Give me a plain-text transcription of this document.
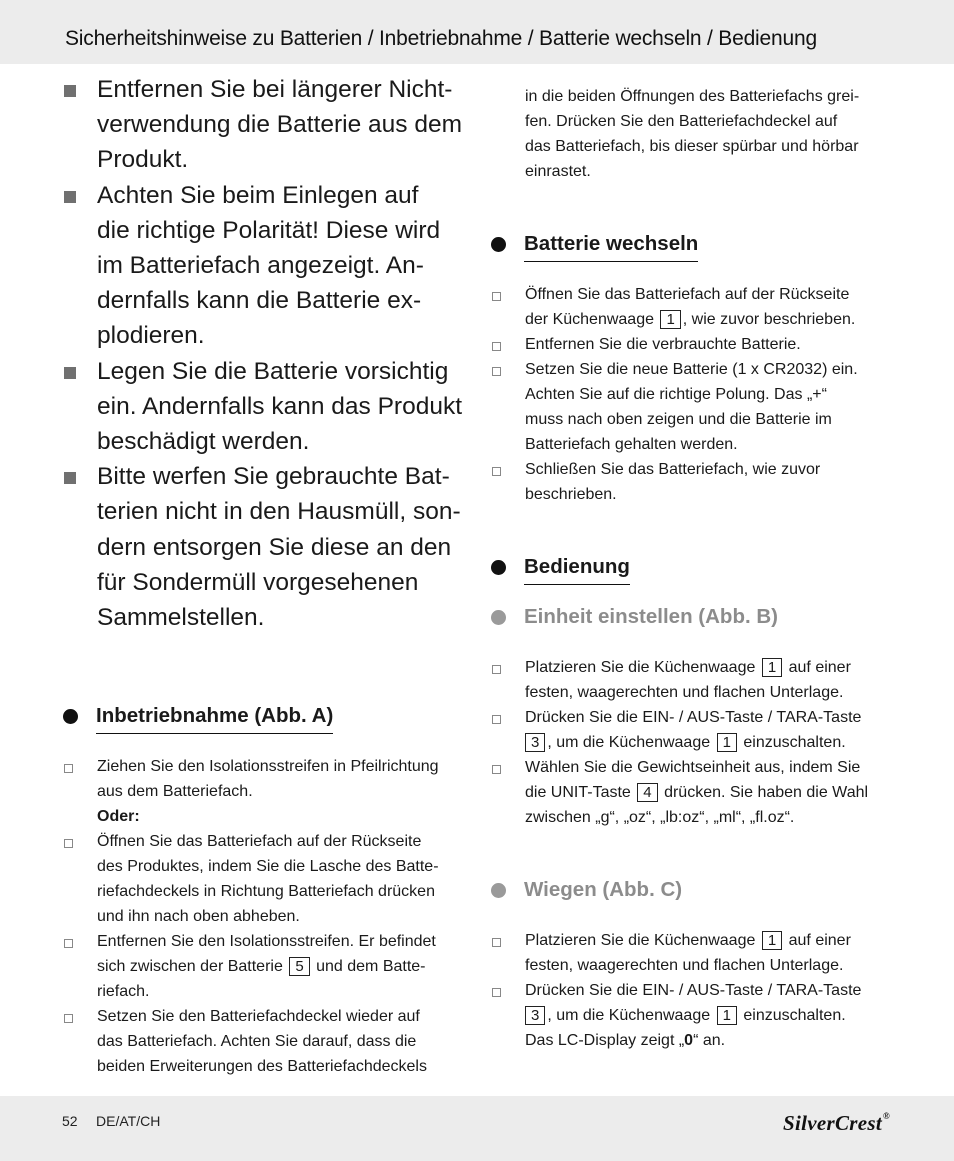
Sicherheitshinweise zu Batterien / Inbetriebnahme / Batterie wechseln / Bedienung
Entfernen Sie bei längerer Nicht-
verwendung die Batterie aus dem
Produkt.
Achten Sie beim Einlegen auf
die richtige Polarität! Diese wird
im Batteriefach angezeigt. An-
dernfalls kann die Batterie ex-
plodieren.
Legen Sie die Batterie vorsichtig
ein. Andernfalls kann das Produkt
beschädigt werden.
Bitte werfen Sie gebrauchte Bat-
terien nicht in den Hausmüll, son-
dern entsorgen Sie diese an den
für Sondermüll vorgesehenen
Sammelstellen.
Inbetriebnahme (Abb. A)
Ziehen Sie den Isolationsstreifen in Pfeilrichtung
aus dem Batteriefach.
Oder:
Öffnen Sie das Batteriefach auf der Rückseite
des Produktes, indem Sie die Lasche des Batte-
riefachdeckels in Richtung Batteriefach drücken
und ihn nach oben abheben.
Entfernen Sie den Isolationsstreifen. Er befindet
sich zwischen der Batterie 5 und dem Batte-
riefach.
Setzen Sie den Batteriefachdeckel wieder auf
das Batteriefach. Achten Sie darauf, dass die
beiden Erweiterungen des Batteriefachdeckels
in die beiden Öffnungen des Batteriefachs grei-
fen. Drücken Sie den Batteriefachdeckel auf
das Batteriefach, bis dieser spürbar und hörbar
einrastet.
Batterie wechseln
Öffnen Sie das Batteriefach auf der Rückseite
der Küchenwaage 1 , wie zuvor beschrieben.
Entfernen Sie die verbrauchte Batterie.
Setzen Sie die neue Batterie (1 x CR2032) ein.
Achten Sie auf die richtige Polung. Das „+“
muss nach oben zeigen und die Batterie im
Batteriefach gehalten werden.
Schließen Sie das Batteriefach, wie zuvor
beschrieben.
Bedienung
Einheit einstellen (Abb. B)
Platzieren Sie die Küchenwaage 1 auf einer
festen, waagerechten und flachen Unterlage.
Drücken Sie die EIN- / AUS-Taste / TARA-Taste
3 , um die Küchenwaage 1 einzuschalten.
Wählen Sie die Gewichtseinheit aus, indem Sie
die UNIT-Taste 4 drücken. Sie haben die Wahl
zwischen „g“, „oz“, „lb:oz“, „ml“, „fl.oz“.
Wiegen (Abb. C)
Platzieren Sie die Küchenwaage 1 auf einer
festen, waagerechten und flachen Unterlage.
Drücken Sie die EIN- / AUS-Taste / TARA-Taste
3 , um die Küchenwaage 1 einzuschalten.
Das LC-Display zeigt „0“ an.
52 DE/AT/CH	SilverCrest®
